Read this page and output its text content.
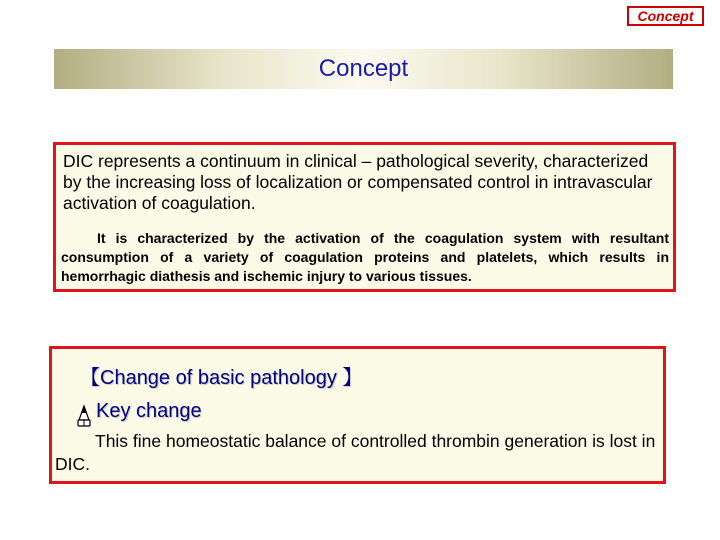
Concept
Concept
DIC represents a continuum in clinical – pathological severity, characterized by the increasing loss of localization or compensated control in intravascular activation of coagulation.
It is characterized by the activation of the coagulation system with resultant consumption of a variety of coagulation proteins and platelets, which results in hemorrhagic diathesis and ischemic injury to various tissues.
【Change of basic pathology 】
Key change
This fine homeostatic balance of controlled thrombin generation is lost in DIC.
